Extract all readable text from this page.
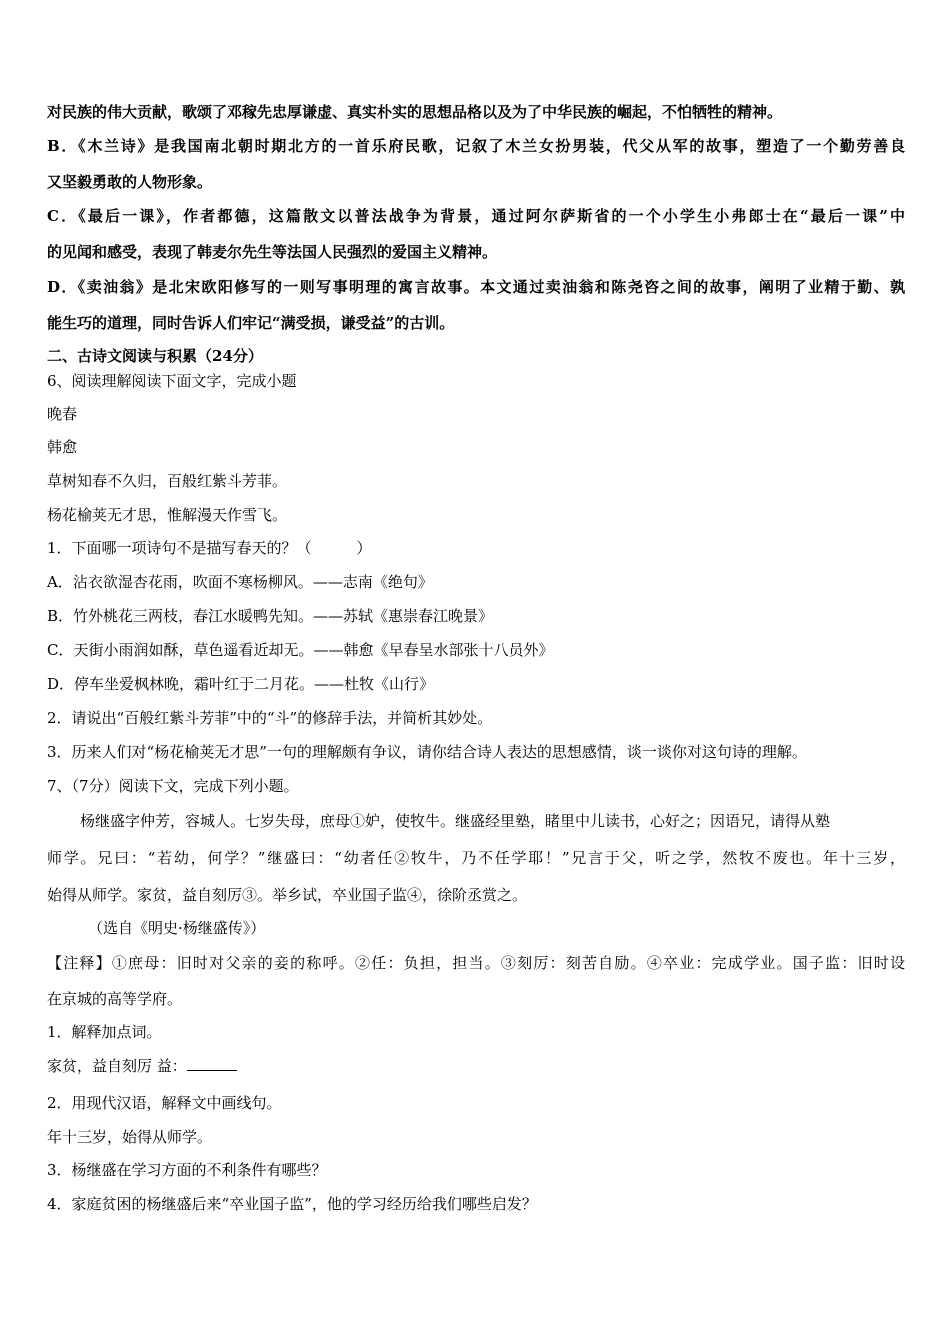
对民族的伟大贡献，歌颂了邓稼先忠厚谦虚、真实朴实的思想品格以及为了中华民族的崛起，不怕牺牲的精神。
B．《木兰诗》是我国南北朝时期北方的一首乐府民歌，记叙了木兰女扮男装，代父从军的故事，塑造了一个勤劳善良
又坚毅勇敢的人物形象。
C．《最后一课》，作者都德，这篇散文以普法战争为背景，通过阿尔萨斯省的一个小学生小弗郎士在“最后一课”中
的见闻和感受，表现了韩麦尔先生等法国人民强烈的爱国主义精神。
D．《卖油翁》是北宋欧阳修写的一则写事明理的寓言故事。本文通过卖油翁和陈尧咨之间的故事，阐明了业精于勤、孰
能生巧的道理，同时告诉人们牢记“满受损，谦受益”的古训。
二、古诗文阅读与积累（24分）
6、阅读理解阅读下面文字，完成小题
晚春
韩愈
草树知春不久归，百般红紫斗芳菲。
杨花榆荚无才思，惟解漫天作雪飞。
1．下面哪一项诗句不是描写春天的？（　　　）
A．沾衣欲湿杏花雨，吹面不寒杨柳风。——志南《绝句》
B．竹外桃花三两枝，春江水暖鸭先知。——苏轼《惠崇春江晚景》
C．天街小雨润如酥，草色遥看近却无。——韩愈《早春呈水部张十八员外》
D．停车坐爱枫林晚，霜叶红于二月花。——杜牧《山行》
2．请说出“百般红紫斗芳菲”中的“斗”的修辞手法，并简析其妙处。
3．历来人们对“杨花榆荚无才思”一句的理解颇有争议，请你结合诗人表达的思想感情，谈一谈你对这句诗的理解。
7、（7分）阅读下文，完成下列小题。
杨继盛字仲芳，容城人。七岁失母，庶母①妒，使牧牛。继盛经里塾，睹里中儿读书，心好之；因语兄，请得从塾
师学。兄曰：“若幼，何学？”继盛曰：“幼者任②牧牛，乃不任学耶！”兄言于父，听之学，然牧不废也。年十三岁，
始得从师学。家贫，益自刻厉③。举乡试，卒业国子监④，徐阶丞赏之。
（选自《明史·杨继盛传》）
【注释】①庶母：旧时对父亲的妾的称呼。②任：负担，担当。③刻厉：刻苦自励。④卒业：完成学业。国子监：旧时设
在京城的高等学府。
1．解释加点词。
家贫，益自刻厉 益：
2．用现代汉语，解释文中画线句。
年十三岁，始得从师学。
3．杨继盛在学习方面的不利条件有哪些？
4．家庭贫困的杨继盛后来“卒业国子监”，他的学习经历给我们哪些启发？
